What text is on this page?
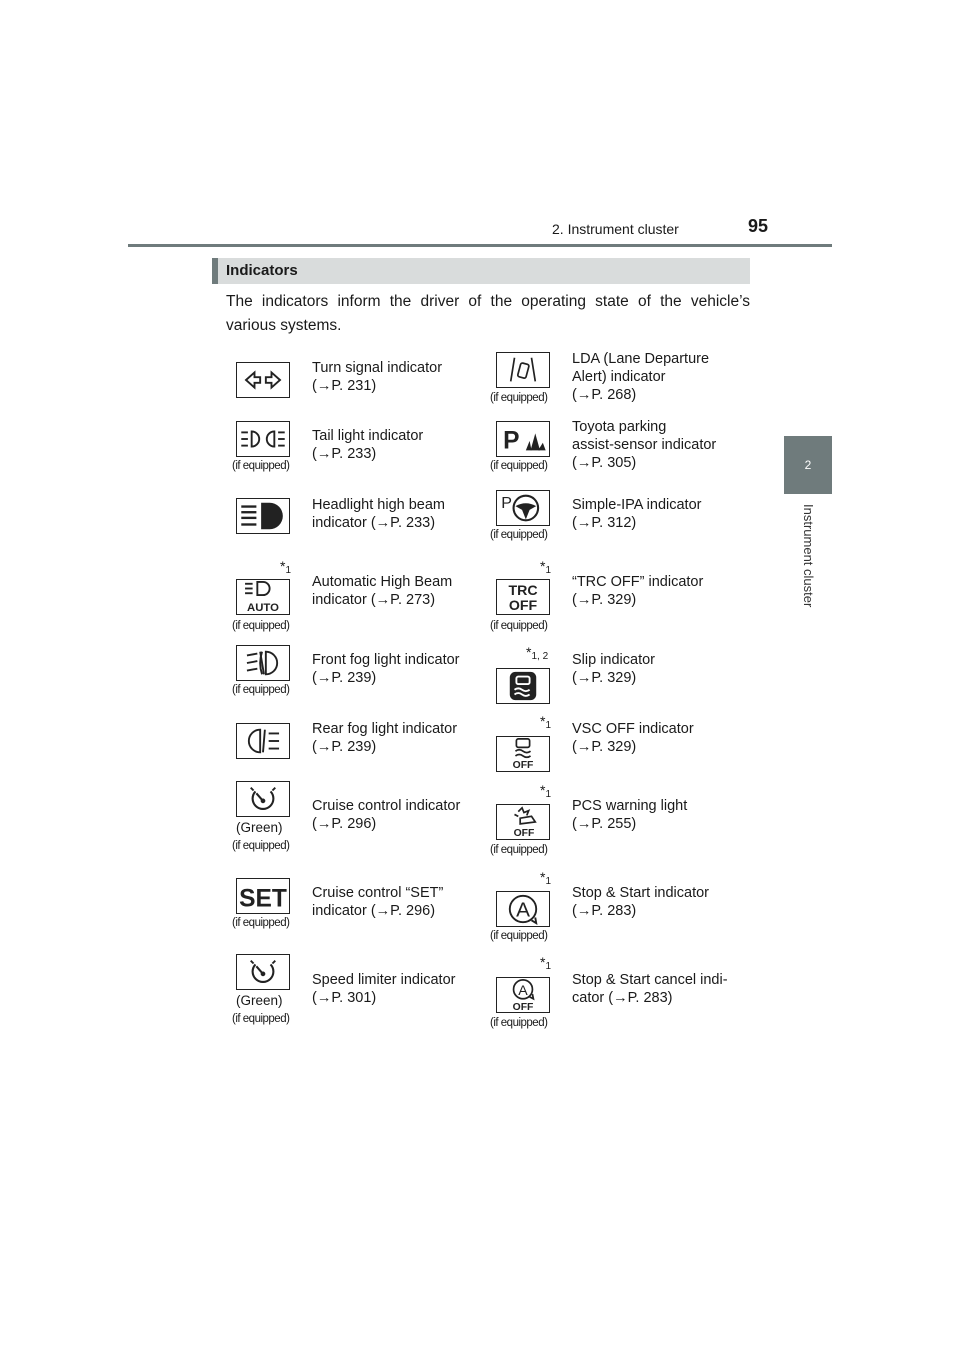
2. Instrument cluster	95
2
Instrument cluster
Indicators
The indicators inform the driver of the operating state of the vehicle’s various systems.
Turn signal indicator
(→P. 231)
(if equipped)
Tail light indicator
(→P. 233)
Headlight high beam
indicator (→P. 233)
$*_1$
AUTO
(if equipped)
Automatic High Beam
indicator (→P. 273)
(if equipped)
Front fog light indicator
(→P. 239)
Rear fog light indicator
(→P. 239)
(Green)
(if equipped)
Cruise control indicator
(→P. 296)
SET
(if equipped)
Cruise control “SET”
indicator (→P. 296)
(Green)
(if equipped)
Speed limiter indicator
(→P. 301)
(if equipped)
LDA (Lane Departure
Alert) indicator
(→P. 268)
P
(if equipped)
Toyota parking
assist-sensor indicator
(→P. 305)
P
(if equipped)
Simple-IPA indicator
(→P. 312)
$*_1$
TRC
OFF
(if equipped)
“TRC OFF” indicator
(→P. 329)
$*_{1, 2}$ Slip indicator
(→P. 329)
$*_1$
OFF
VSC OFF indicator
(→P. 329)
$*_1$
OFF
(if equipped)
PCS warning light
(→P. 255)
$*_1$
A
(if equipped)
Stop & Start indicator
(→P. 283)
$*_1$
A
OFF
(if equipped)
Stop & Start cancel indi-
cator (→P. 283)
